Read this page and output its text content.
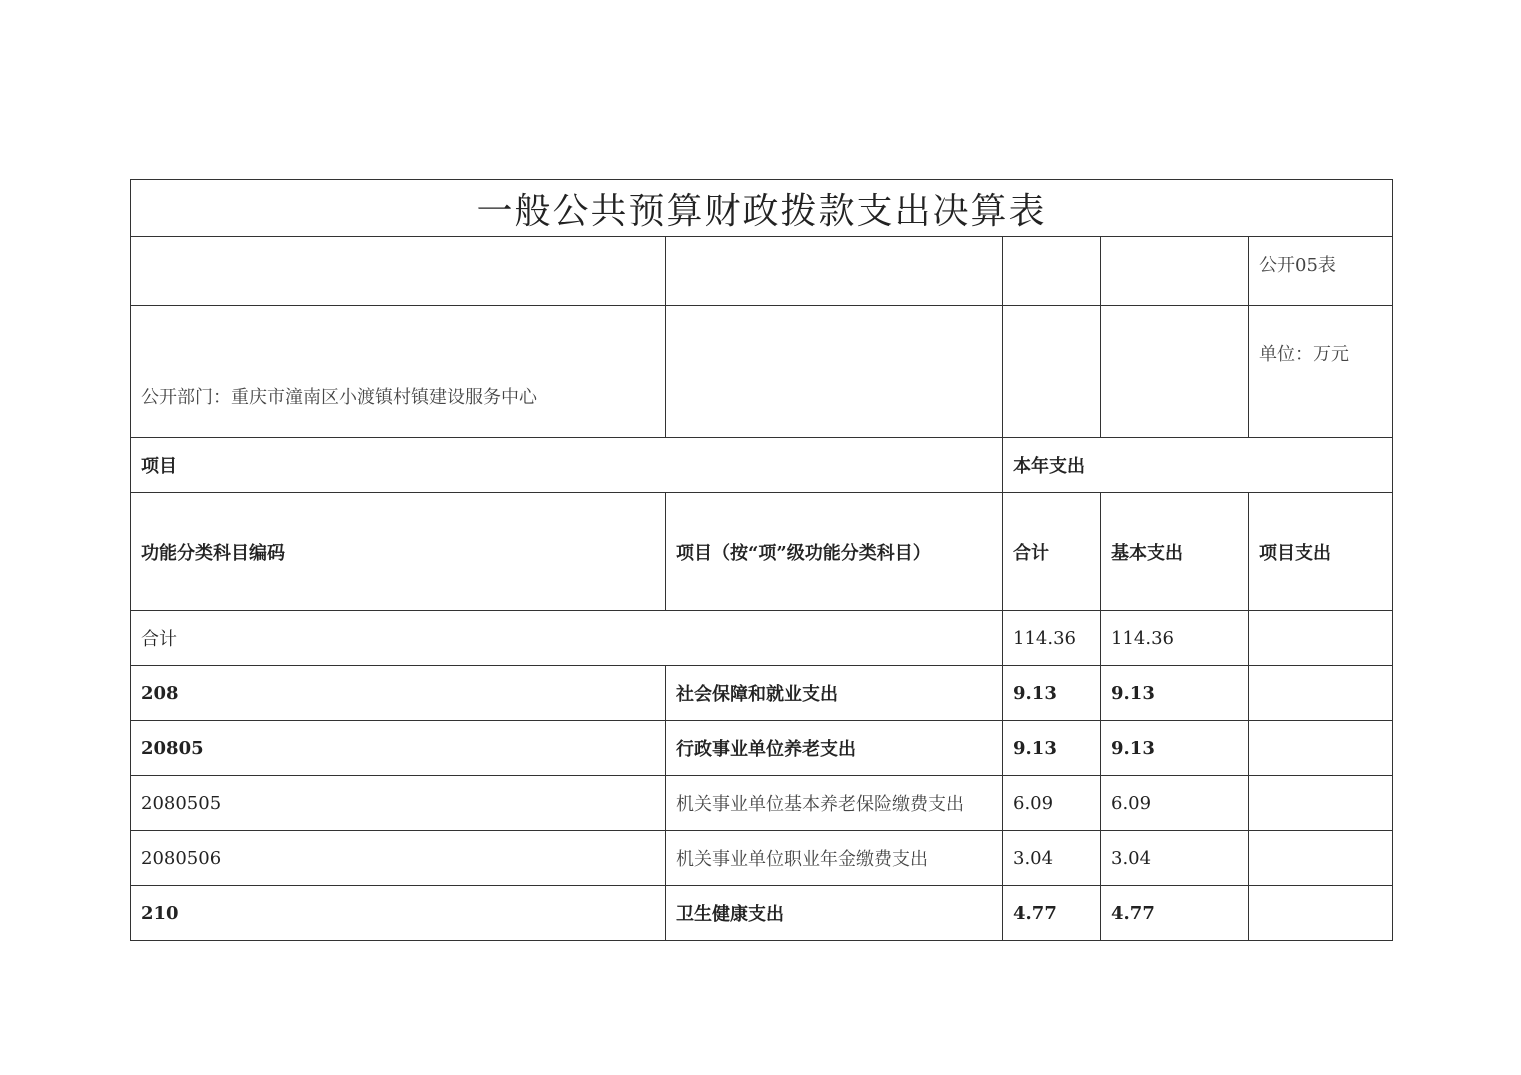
一般公共预算财政拨款支出决算表				
				公开05表
公开部门：重庆市潼南区小渡镇村镇建设服务中心				单位：万元
项目		本年支出		
功能分类科目编码	项目（按“项”级功能分类科目）	合计	基本支出	项目支出
合计		114.36	114.36	
208	社会保障和就业支出	9.13	9.13	
20805	行政事业单位养老支出	9.13	9.13	
2080505	机关事业单位基本养老保险缴费支出	6.09	6.09	
2080506	机关事业单位职业年金缴费支出	3.04	3.04	
210	卫生健康支出	4.77	4.77	
